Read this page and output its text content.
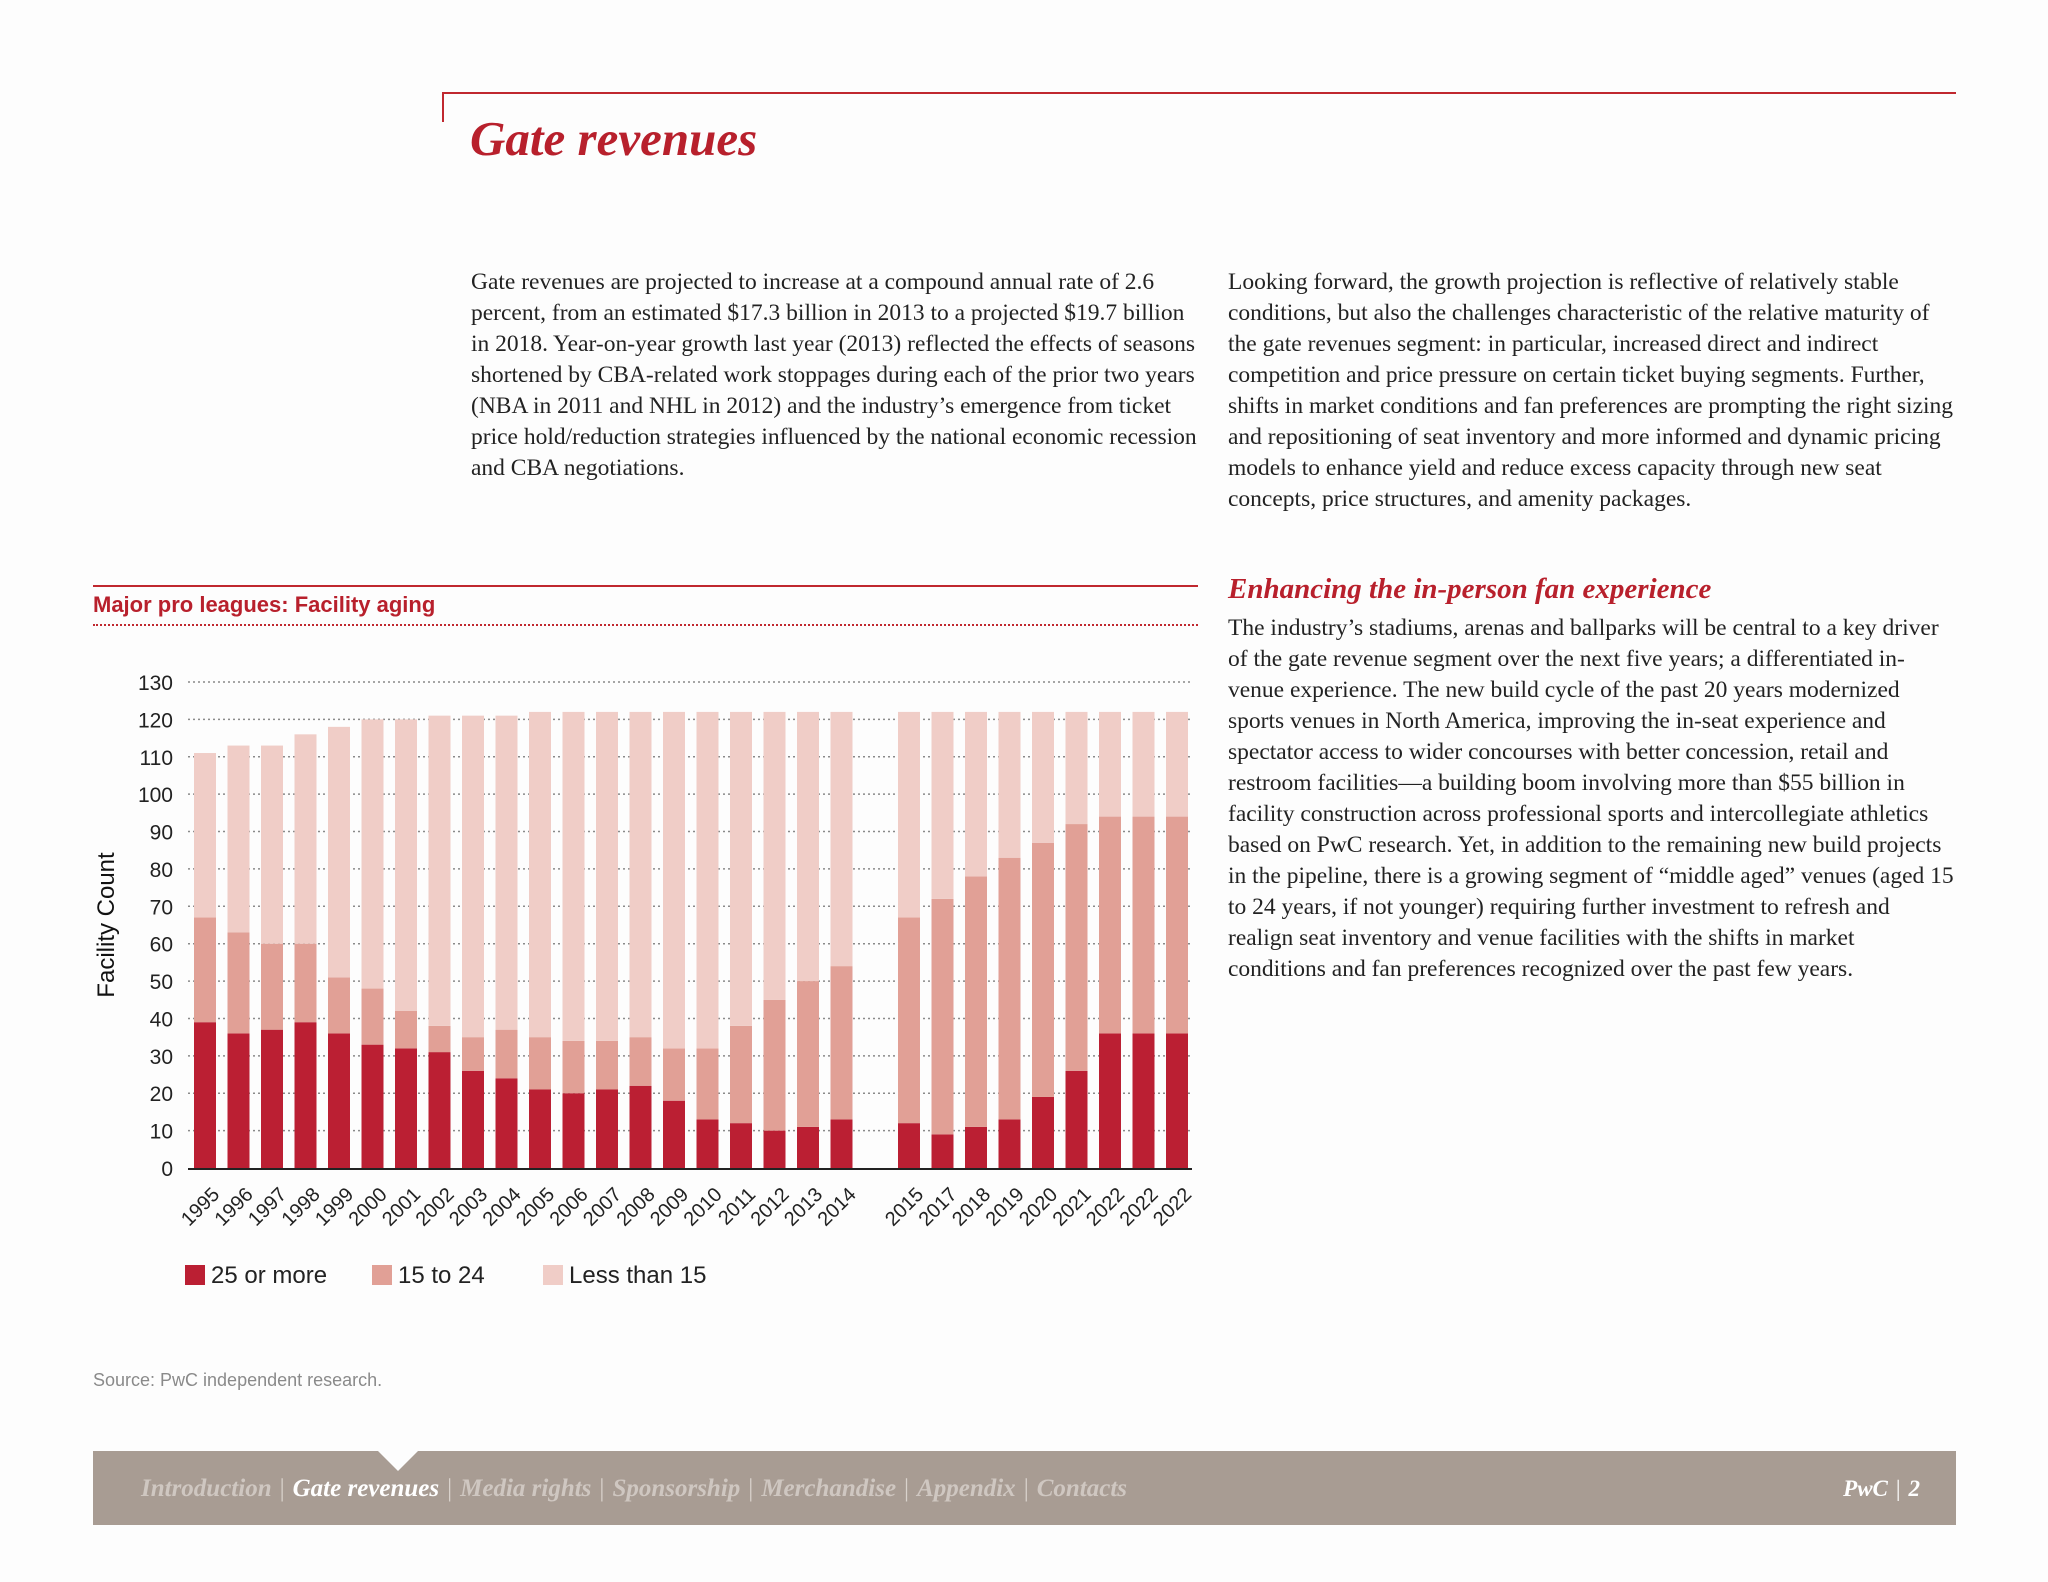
Gate revenues

Gate revenues are projected to increase at a compound annual rate of 2.6 percent, from an estimated $17.3 billion in 2013 to a projected $19.7 billion in 2018. Year-on-year growth last year (2013) reflected the effects of seasons shortened by CBA-related work stoppages during each of the prior two years (NBA in 2011 and NHL in 2012) and the industry’s emergence from ticket price hold/reduction strategies influenced by the national economic recession and CBA negotiations.

Looking forward, the growth projection is reflective of relatively stable conditions, but also the challenges characteristic of the relative maturity of the gate revenues segment: in particular, increased direct and indirect competition and price pressure on certain ticket buying segments. Further, shifts in market conditions and fan preferences are prompting the right sizing and repositioning of seat inventory and more informed and dynamic pricing models to enhance yield and reduce excess capacity through new seat concepts, price structures, and amenity packages.

Enhancing the in-person fan experience

The industry’s stadiums, arenas and ballparks will be central to a key driver of the gate revenue segment over the next five years; a differentiated in-venue experience. The new build cycle of the past 20 years modernized sports venues in North America, improving the in-seat experience and spectator access to wider concourses with better concession, retail and restroom facilities—a building boom involving more than $55 billion in facility construction across professional sports and intercollegiate athletics based on PwC research. Yet, in addition to the remaining new build projects in the pipeline, there is a growing segment of “middle aged” venues (aged 15 to 24 years, if not younger) requiring further investment to refresh and realign seat inventory and venue facilities with the shifts in market conditions and fan preferences recognized over the past few years.

Major pro leagues: Facility aging
0
10
20
30
40
50
60
70
80
90
100
110
120
130
Facility Count
1995
1996
1997
1998
1999
2000
2001
2002
2003
2004
2005
2006
2007
2008
2009
2010
2011
2012
2013
2014 2015
2017
2018
2019
2020
2021
2022
2022
2022
25 or more	15 to 24	Less than 15
Source: PwC independent research.
Introduction | Gate revenues | Media rights | Sponsorship | Merchandise | Appendix | Contacts	PwC | 2
